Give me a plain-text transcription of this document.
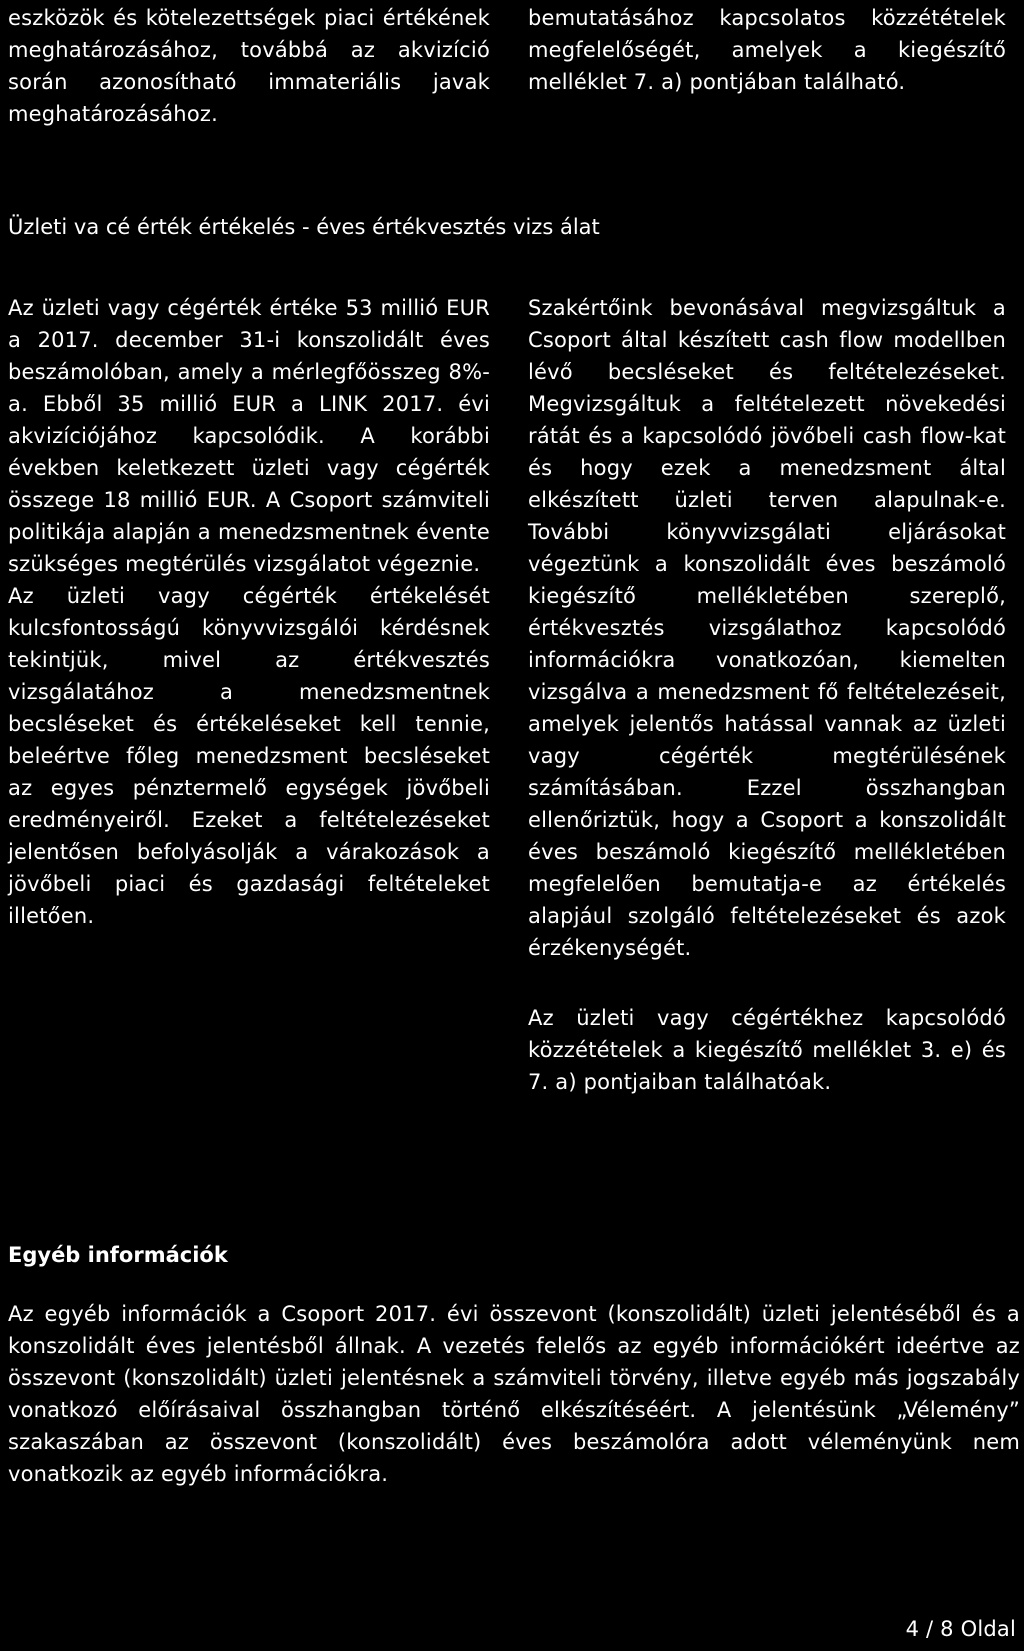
eszközök és kötelezettségek piaci értékének meghatározásához, továbbá az akvizíció során azonosítható immateriális javak meghatározásához.

bemutatásához kapcsolatos közzétételek megfelelőségét, amelyek a kiegészítő melléklet 7. a) pontjában található.

Üzleti va cé érték értékelés - éves értékvesztés vizs álat

Az üzleti vagy cégérték értéke 53 millió EUR a 2017. december 31-i konszolidált éves beszámolóban, amely a mérlegfőösszeg 8%-a. Ebből 35 millió EUR a LINK 2017. évi akvizíciójához kapcsolódik. A korábbi években keletkezett üzleti vagy cégérték összege 18 millió EUR. A Csoport számviteli politikája alapján a menedzsmentnek évente szükséges megtérülés vizsgálatot végeznie.

Az üzleti vagy cégérték értékelését kulcsfontosságú könyvvizsgálói kérdésnek tekintjük, mivel az értékvesztés vizsgálatához a menedzsmentnek becsléseket és értékeléseket kell tennie, beleértve főleg menedzsment becsléseket az egyes pénztermelő egységek jövőbeli eredményeiről. Ezeket a feltételezéseket jelentősen befolyásolják a várakozások a jövőbeli piaci és gazdasági feltételeket illetően.

Szakértőink bevonásával megvizsgáltuk a Csoport által készített cash flow modellben lévő becsléseket és feltételezéseket. Megvizsgáltuk a feltételezett növekedési rátát és a kapcsolódó jövőbeli cash flow-kat és hogy ezek a menedzsment által elkészített üzleti terven alapulnak-e. További könyvvizsgálati eljárásokat végeztünk a konszolidált éves beszámoló kiegészítő mellékletében szereplő, értékvesztés vizsgálathoz kapcsolódó információkra vonatkozóan, kiemelten vizsgálva a menedzsment fő feltételezéseit, amelyek jelentős hatással vannak az üzleti vagy cégérték megtérülésének számításában. Ezzel összhangban ellenőriztük, hogy a Csoport a konszolidált éves beszámoló kiegészítő mellékletében megfelelően bemutatja-e az értékelés alapjául szolgáló feltételezéseket és azok érzékenységét.

Az üzleti vagy cégértékhez kapcsolódó közzétételek a kiegészítő melléklet 3. e) és 7. a) pontjaiban találhatóak.

Egyéb információk

Az egyéb információk a Csoport 2017. évi összevont (konszolidált) üzleti jelentéséből és a konszolidált éves jelentésből állnak. A vezetés felelős az egyéb információkért ideértve az összevont (konszolidált) üzleti jelentésnek a számviteli törvény, illetve egyéb más jogszabály vonatkozó előírásaival összhangban történő elkészítéséért. A jelentésünk „Vélemény” szakaszában az összevont (konszolidált) éves beszámolóra adott véleményünk nem vonatkozik az egyéb információkra.

4 / 8 Oldal
